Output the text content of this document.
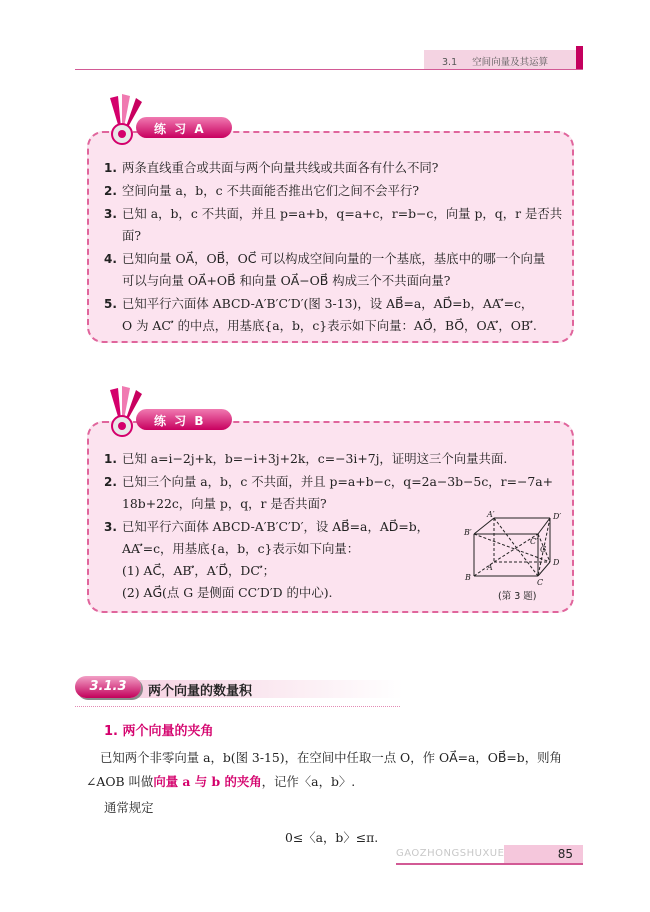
3.1 空间向量及其运算
练 习 A
1. 两条直线重合或共面与两个向量共线或共面各有什么不同?
2. 空间向量 a，b，c 不共面能否推出它们之间不会平行?
3. 已知 a，b，c 不共面，并且 p=a+b，q=a+c，r=b−c，向量 p，q，r 是否共
面?
4. 已知向量 OA⃗，OB⃗，OC⃗ 可以构成空间向量的一个基底，基底中的哪一个向量
可以与向量 OA⃗+OB⃗ 和向量 OA⃗−OB⃗ 构成三个不共面向量?
5. 已知平行六面体 ABCD-A′B′C′D′(图 3-13)，设 AB⃗=a，AD⃗=b，AA′⃗=c，
O 为 AC′⃗ 的中点，用基底{a，b，c}表示如下向量：AO⃗，BO⃗，OA′⃗，OB′⃗.
练 习 B
1. 已知 a=i−2j+k，b=−i+3j+2k，c=−3i+7j，证明这三个向量共面.
2. 已知三个向量 a，b，c 不共面，并且 p=a+b−c，q=2a−3b−5c，r=−7a+
18b+22c，向量 p，q，r 是否共面?
3. 已知平行六面体 ABCD-A′B′C′D′，设 AB⃗=a，AD⃗=b，
AA′⃗=c，用基底{a，b，c}表示如下向量：
(1) AC⃗，AB′⃗，A′D⃗，DC′⃗；
(2) AG⃗(点 G 是侧面 CC′D′D 的中心).
A′	D′
B′
C′
A
B
C
D
G
(第 3 题)
3.1.3	两个向量的数量积
1. 两个向量的夹角
已知两个非零向量 a，b(图 3-15)，在空间中任取一点 O，作 OA⃗=a，OB⃗=b，则角
∠AOB 叫做向量 a 与 b 的夹角，记作〈a，b〉.
通常规定
0≤〈a，b〉≤π.
GAOZHONGSHUXUE	85
